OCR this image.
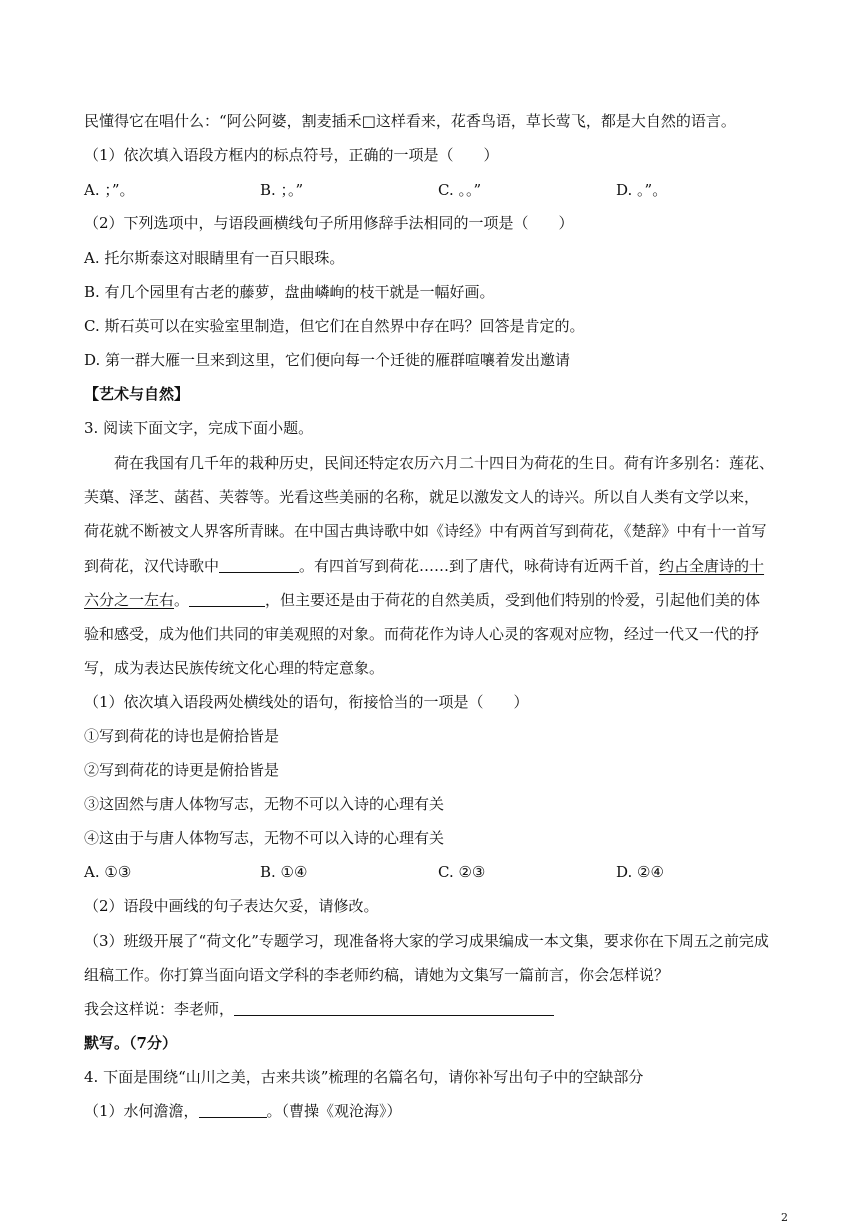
民懂得它在唱什么：“阿公阿婆，割麦插禾□这样看来，花香鸟语，草长莺飞，都是大自然的语言。
（1）依次填入语段方框内的标点符号，正确的一项是（　　）
A. ；”。	B. ；。”	C. 。。”	D. 。”。
（2）下列选项中，与语段画横线句子所用修辞手法相同的一项是（　　）
A. 托尔斯泰这对眼睛里有一百只眼珠。
B. 有几个园里有古老的藤萝，盘曲嶙峋的枝干就是一幅好画。
C. 斯石英可以在实验室里制造，但它们在自然界中存在吗？回答是肯定的。
D. 第一群大雁一旦来到这里，它们便向每一个迁徙的雁群喧嚷着发出邀请
【艺术与自然】
3. 阅读下面文字，完成下面小题。
荷在我国有几千年的栽种历史，民间还特定农历六月二十四日为荷花的生日。荷有许多别名：莲花、
芙蕖、泽芝、菡萏、芙蓉等。光看这些美丽的名称，就足以激发文人的诗兴。所以自人类有文学以来，
荷花就不断被文人界客所青睐。在中国古典诗歌中如《诗经》中有两首写到荷花，《楚辞》中有十一首写
到荷花，汉代诗歌中	。有四首写到荷花……到了唐代，咏荷诗有近两千首，约占全唐诗的十
六分之一左右。	，但主要还是由于荷花的自然美质，受到他们特别的怜爱，引起他们美的体
验和感受，成为他们共同的审美观照的对象。而荷花作为诗人心灵的客观对应物，经过一代又一代的抒
写，成为表达民族传统文化心理的特定意象。
（1）依次填入语段两处横线处的语句，衔接恰当的一项是（　　）
①写到荷花的诗也是俯拾皆是
②写到荷花的诗更是俯拾皆是
③这固然与唐人体物写志，无物不可以入诗的心理有关
④这由于与唐人体物写志，无物不可以入诗的心理有关
A. ①③	B. ①④	C. ②③	D. ②④
（2）语段中画线的句子表达欠妥，请修改。
（3）班级开展了“荷文化”专题学习，现准备将大家的学习成果编成一本文集，要求你在下周五之前完成
组稿工作。你打算当面向语文学科的李老师约稿，请她为文集写一篇前言，你会怎样说？
我会这样说：李老师，
默写。（7分）
4. 下面是围绕“山川之美，古来共谈”梳理的名篇名句，请你补写出句子中的空缺部分
（1）水何澹澹，	。（曹操《观沧海》）
2
